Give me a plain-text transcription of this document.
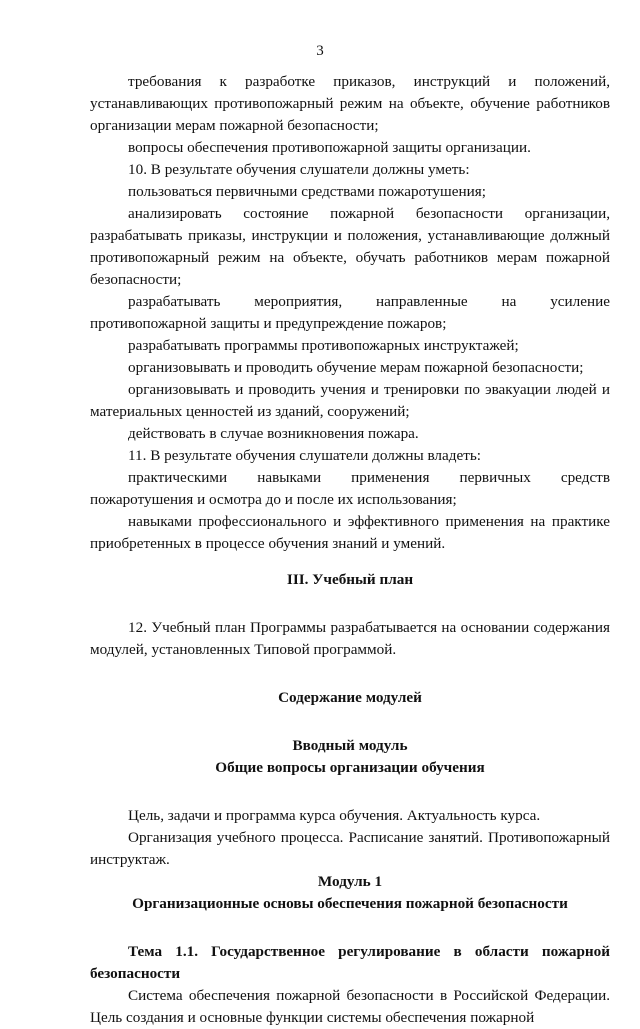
3

требования к разработке приказов, инструкций и положений, устанавливающих противопожарный режим на объекте, обучение работников организации мерам пожарной безопасности;

вопросы обеспечения противопожарной защиты организации.

10. В результате обучения слушатели должны уметь:

пользоваться первичными средствами пожаротушения;

анализировать состояние пожарной безопасности организации, разрабатывать приказы, инструкции и положения, устанавливающие должный противопожарный режим на объекте, обучать работников мерам пожарной безопасности;

разрабатывать мероприятия, направленные на усиление противопожарной защиты и предупреждение пожаров;

разрабатывать программы противопожарных инструктажей;

организовывать и проводить обучение мерам пожарной безопасности;

организовывать и проводить учения и тренировки по эвакуации людей и материальных ценностей из зданий, сооружений;

действовать в случае возникновения пожара.

11. В результате обучения слушатели должны владеть:

практическими навыками применения первичных средств пожаротушения и осмотра до и после их использования;

навыками профессионального и эффективного применения на практике приобретенных в процессе обучения знаний и умений.

III. Учебный план

12. Учебный план Программы разрабатывается на основании содержания модулей, установленных Типовой программой.

Содержание модулей

Вводный модуль

Общие вопросы организации обучения

Цель, задачи и программа курса обучения. Актуальность курса.

Организация учебного процесса. Расписание занятий. Противопожарный инструктаж.

Модуль 1

Организационные основы обеспечения пожарной безопасности

Тема 1.1. Государственное регулирование в области пожарной безопасности

Система обеспечения пожарной безопасности в Российской Федерации. Цель создания и основные функции системы обеспечения пожарной
